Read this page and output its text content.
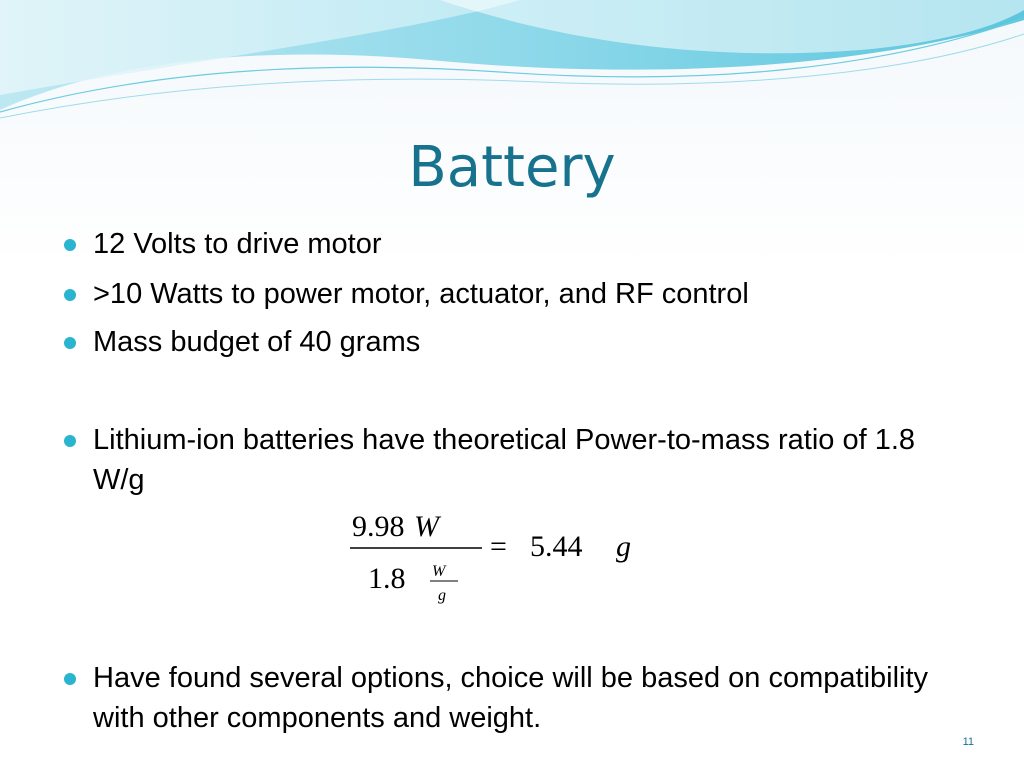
Battery
12 Volts to drive motor
>10 Watts to power motor, actuator, and RF control
Mass budget of 40 grams
Lithium-ion batteries have theoretical Power-to-mass ratio of 1.8 W/g
9.98 W
1.8 W
g
= 5.44 g
Have found several options, choice will be based on compatibility with other components and weight.
11
